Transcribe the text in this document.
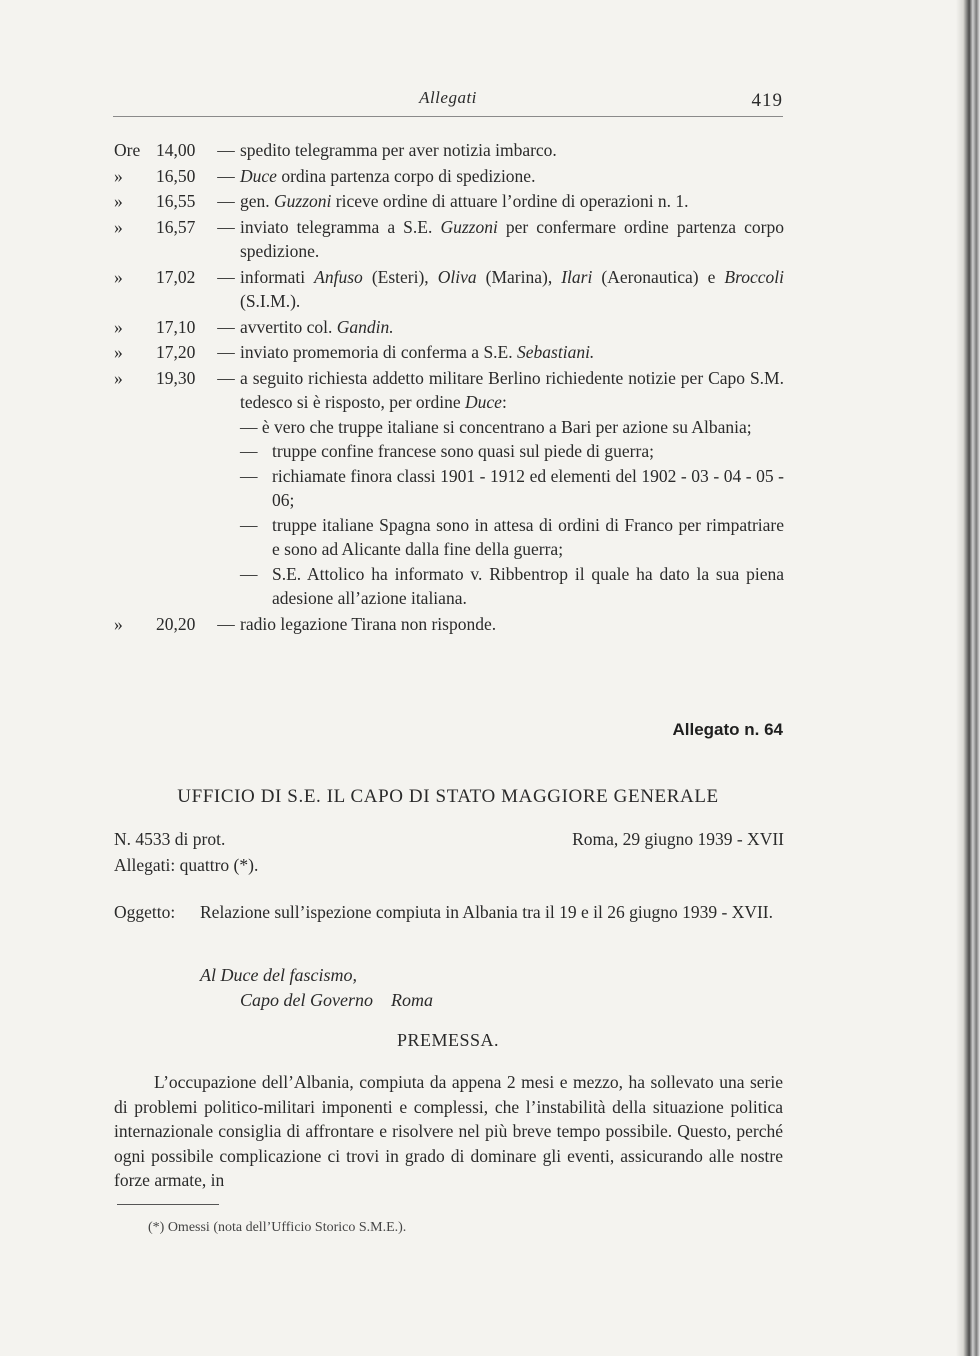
Allegati	419
Ore 14,00	— spedito telegramma per aver notizia imbarco.
»	16,50	— Duce ordina partenza corpo di spedizione.
»	16,55	— gen. Guzzoni riceve ordine di attuare l’ordine di operazioni n. 1.
»	16,57	— inviato telegramma a S.E. Guzzoni per confermare ordine partenza corpo spedizione.
»	17,02	— informati Anfuso (Esteri), Oliva (Marina), Ilari (Aeronautica) e Broccoli (S.I.M.).
»	17,10	— avvertito col. Gandin.
»	17,20	— inviato promemoria di conferma a S.E. Sebastiani.
»	19,30	— a seguito richiesta addetto militare Berlino richiedente notizie per Capo S.M. tedesco si è risposto, per ordine Duce:
— è vero che truppe italiane si concentrano a Bari per azione su Albania;
— truppe confine francese sono quasi sul piede di guerra;
— richiamate finora classi 1901 - 1912 ed elementi del 1902 - 03 - 04 - 05 - 06;
— truppe italiane Spagna sono in attesa di ordini di Franco per rimpatriare e sono ad Alicante dalla fine della guerra;
— S.E. Attolico ha informato v. Ribbentrop il quale ha dato la sua piena adesione all’azione italiana.
»	20,20	— radio legazione Tirana non risponde.
Allegato n. 64
UFFICIO DI S.E. IL CAPO DI STATO MAGGIORE GENERALE
N. 4533 di prot.	Roma, 29 giugno 1939 - XVII
Allegati: quattro (*).
Oggetto: Relazione sull’ispezione compiuta in Albania tra il 19 e il 26 giugno 1939 - XVII.
Al Duce del fascismo,
Capo del Governo Roma
PREMESSA.
L’occupazione dell’Albania, compiuta da appena 2 mesi e mezzo, ha sollevato una serie di problemi politico-militari imponenti e complessi, che l’instabilità della situazione politica internazionale consiglia di affrontare e risolvere nel più breve tempo possibile. Questo, perché ogni possibile complicazione ci trovi in grado di dominare gli eventi, assicurando alle nostre forze armate, in
(*) Omessi (nota dell’Ufficio Storico S.M.E.).
